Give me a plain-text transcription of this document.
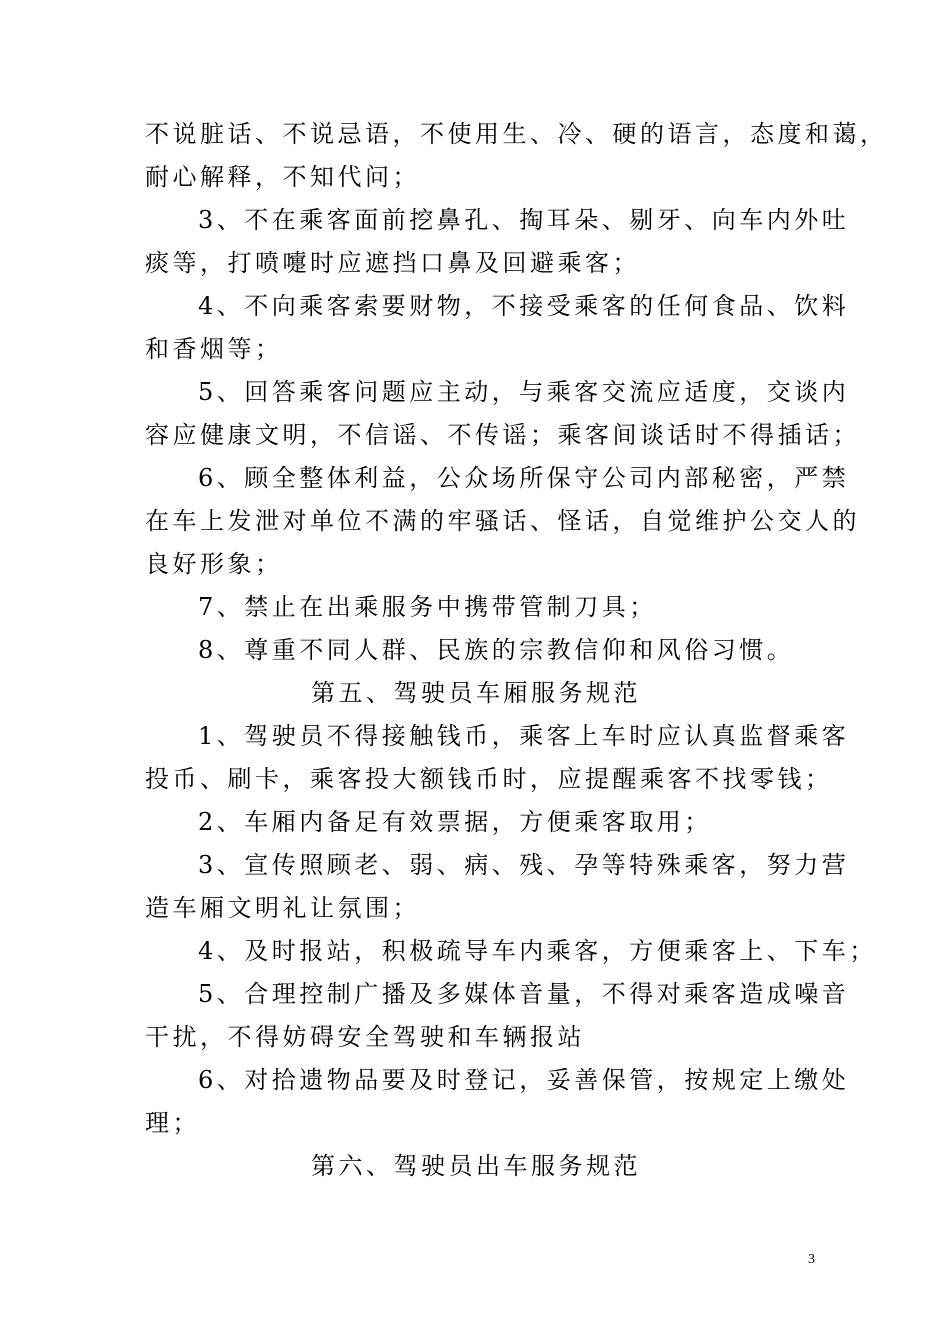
不说脏话、不说忌语，不使用生、冷、硬的语言，态度和蔼，
耐心解释，不知代问；
3、不在乘客面前挖鼻孔、掏耳朵、剔牙、向车内外吐
痰等，打喷嚏时应遮挡口鼻及回避乘客；
4、不向乘客索要财物，不接受乘客的任何食品、饮料
和香烟等；
5、回答乘客问题应主动，与乘客交流应适度，交谈内
容应健康文明，不信谣、不传谣；乘客间谈话时不得插话；
6、顾全整体利益，公众场所保守公司内部秘密，严禁
在车上发泄对单位不满的牢骚话、怪话，自觉维护公交人的
良好形象；
7、禁止在出乘服务中携带管制刀具；
8、尊重不同人群、民族的宗教信仰和风俗习惯。
第五、驾驶员车厢服务规范
1、驾驶员不得接触钱币，乘客上车时应认真监督乘客
投币、刷卡，乘客投大额钱币时，应提醒乘客不找零钱；
2、车厢内备足有效票据，方便乘客取用；
3、宣传照顾老、弱、病、残、孕等特殊乘客，努力营
造车厢文明礼让氛围；
4、及时报站，积极疏导车内乘客，方便乘客上、下车；
5、合理控制广播及多媒体音量，不得对乘客造成噪音
干扰，不得妨碍安全驾驶和车辆报站
6、对拾遗物品要及时登记，妥善保管，按规定上缴处
理；
第六、驾驶员出车服务规范
3
